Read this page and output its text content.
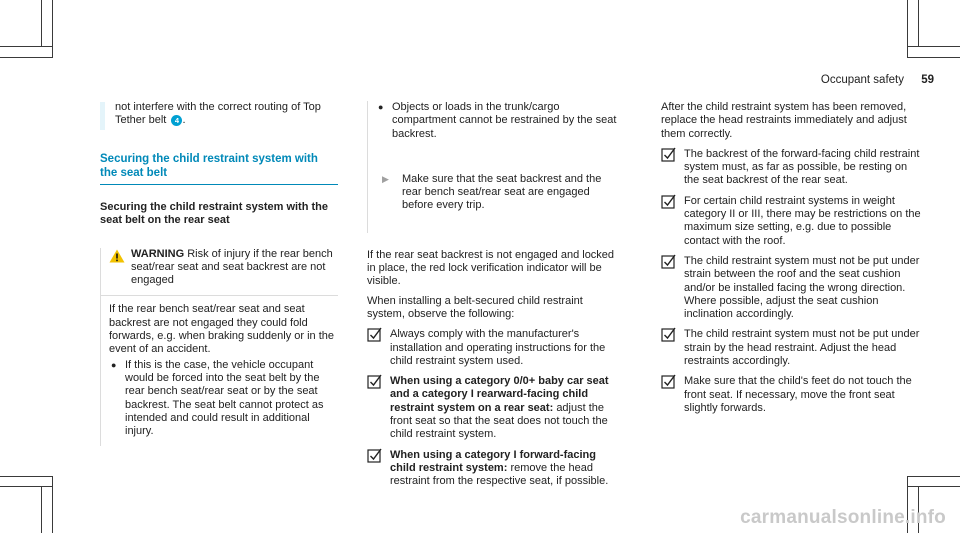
Occupant safety 59
not interfere with the correct routing of Top Tether belt 4 .
Securing the child restraint system with the seat belt
Securing the child restraint system with the seat belt on the rear seat
WARNING Risk of injury if the rear bench seat/rear seat and seat backrest are not engaged

If the rear bench seat/rear seat and seat backrest are not engaged they could fold forwards, e.g. when braking suddenly or in the event of an accident.

● If this is the case, the vehicle occupant would be forced into the seat belt by the rear bench seat/rear seat or by the seat backrest. The seat belt cannot protect as intended and could result in additional injury.
● Objects or loads in the trunk/cargo compartment cannot be restrained by the seat backrest.
▶ Make sure that the seat backrest and the rear bench seat/rear seat are engaged before every trip.

If the rear seat backrest is not engaged and locked in place, the red lock verification indicator will be visible.

When installing a belt-secured child restraint system, observe the following:

Always comply with the manufacturer's installation and operating instructions for the child restraint system used.
When using a category 0/0+ baby car seat and a category I rearward-facing child restraint system on a rear seat: adjust the front seat so that the seat does not touch the child restraint system.
When using a category I forward-facing child restraint system: remove the head restraint from the respective seat, if possible.

After the child restraint system has been removed, replace the head restraints immediately and adjust them correctly.

The backrest of the forward-facing child restraint system must, as far as possible, be resting on the seat backrest of the rear seat.
For certain child restraint systems in weight category II or III, there may be restrictions on the maximum size setting, e.g. due to possible contact with the roof.
The child restraint system must not be put under strain between the roof and the seat cushion and/or be installed facing the wrong direction. Where possible, adjust the seat cushion inclination accordingly.
The child restraint system must not be put under strain by the head restraint. Adjust the head restraints accordingly.
Make sure that the child's feet do not touch the front seat. If necessary, move the front seat slightly forwards.
carmanualsonline.info
